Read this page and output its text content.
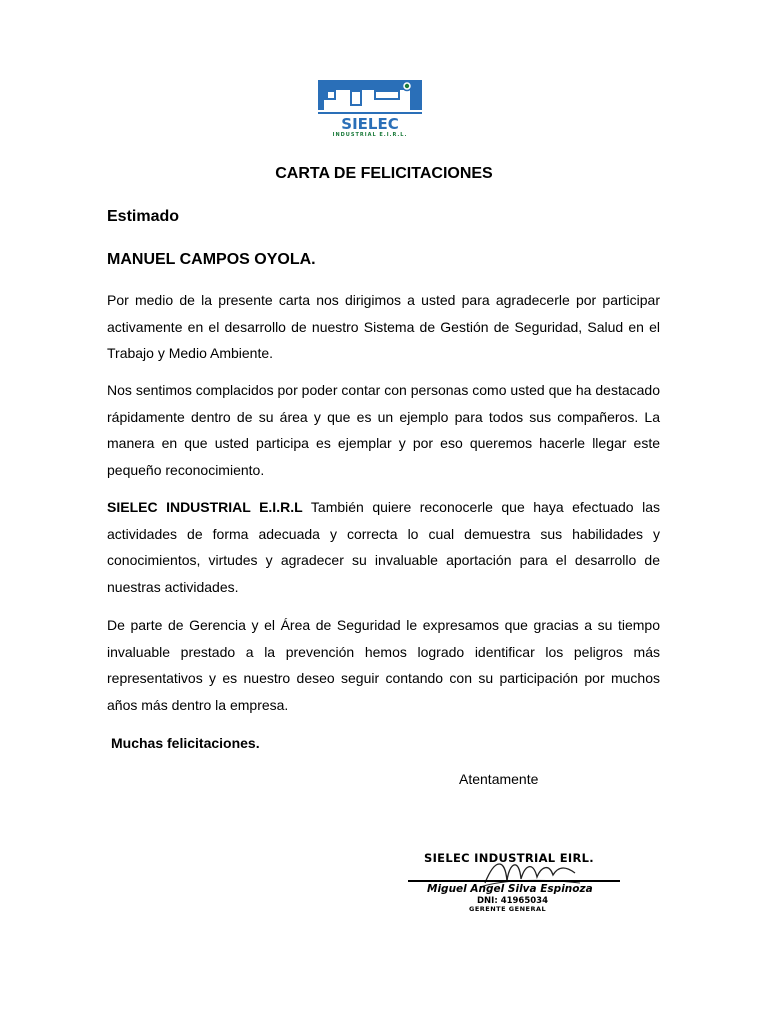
SIELEC
INDUSTRIAL E.I.R.L.
CARTA DE FELICITACIONES
Estimado
MANUEL CAMPOS OYOLA.

Por medio de la presente carta nos dirigimos a usted para agradecerle por participar activamente en el desarrollo de nuestro Sistema de Gestión de Seguridad, Salud en el Trabajo y Medio Ambiente.

Nos sentimos complacidos por poder contar con personas como usted que ha destacado rápidamente dentro de su área y que es un ejemplo para todos sus compañeros. La manera en que usted participa es ejemplar y por eso queremos hacerle llegar este pequeño reconocimiento.

SIELEC INDUSTRIAL E.I.R.L También quiere reconocerle que haya efectuado las actividades de forma adecuada y correcta lo cual demuestra sus habilidades y conocimientos, virtudes y agradecer su invaluable aportación para el desarrollo de nuestras actividades.

De parte de Gerencia y el Área de Seguridad le expresamos que gracias a su tiempo invaluable prestado a la prevención hemos logrado identificar los peligros más representativos y es nuestro deseo seguir contando con su participación por muchos años más dentro la empresa.

Muchas felicitaciones.
Atentamente
SIELEC INDUSTRIAL EIRL.
Miguel Angel Silva Espinoza
DNI: 41965034
GERENTE GENERAL
